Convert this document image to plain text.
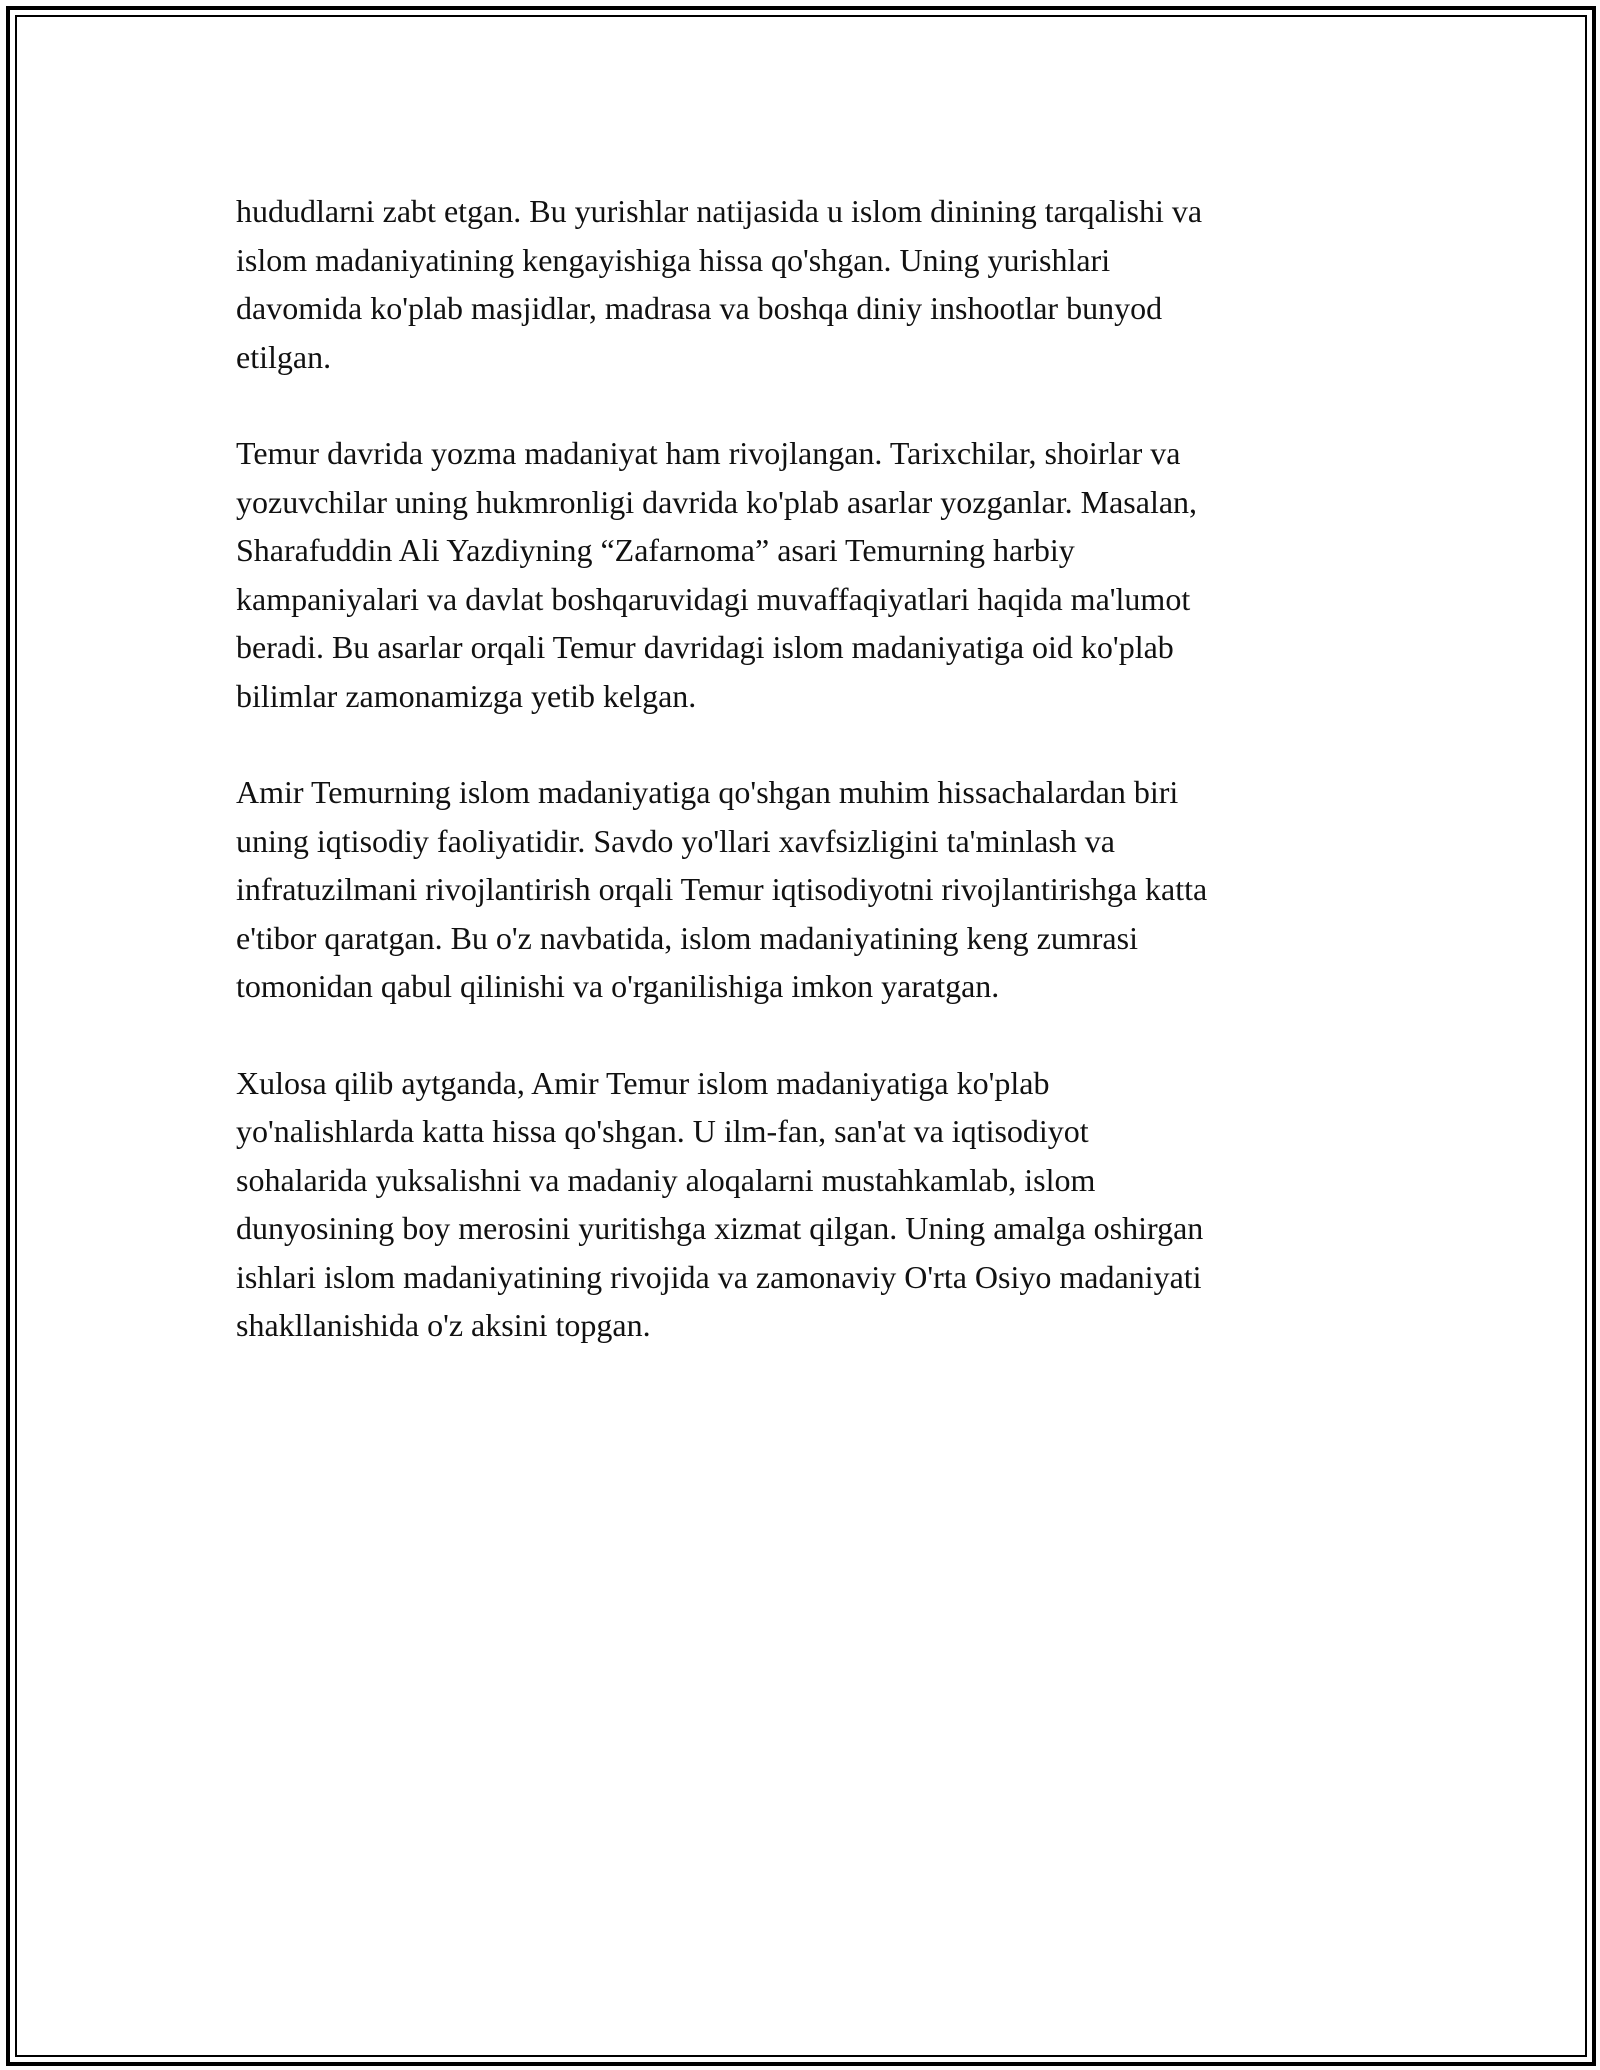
hududlarni zabt etgan. Bu yurishlar natijasida u islom dinining tarqalishi va
islom madaniyatining kengayishiga hissa qo'shgan. Uning yurishlari
davomida ko'plab masjidlar, madrasa va boshqa diniy inshootlar bunyod
etilgan.

Temur davrida yozma madaniyat ham rivojlangan. Tarixchilar, shoirlar va
yozuvchilar uning hukmronligi davrida ko'plab asarlar yozganlar. Masalan,
Sharafuddin Ali Yazdiyning “Zafarnoma” asari Temurning harbiy
kampaniyalari va davlat boshqaruvidagi muvaffaqiyatlari haqida ma'lumot
beradi. Bu asarlar orqali Temur davridagi islom madaniyatiga oid ko'plab
bilimlar zamonamizga yetib kelgan.

Amir Temurning islom madaniyatiga qo'shgan muhim hissachalardan biri
uning iqtisodiy faoliyatidir. Savdo yo'llari xavfsizligini ta'minlash va
infratuzilmani rivojlantirish orqali Temur iqtisodiyotni rivojlantirishga katta
e'tibor qaratgan. Bu o'z navbatida, islom madaniyatining keng zumrasi
tomonidan qabul qilinishi va o'rganilishiga imkon yaratgan.

Xulosa qilib aytganda, Amir Temur islom madaniyatiga ko'plab
yo'nalishlarda katta hissa qo'shgan. U ilm-fan, san'at va iqtisodiyot
sohalarida yuksalishni va madaniy aloqalarni mustahkamlab, islom
dunyosining boy merosini yuritishga xizmat qilgan. Uning amalga oshirgan
ishlari islom madaniyatining rivojida va zamonaviy O'rta Osiyo madaniyati
shakllanishida o'z aksini topgan.
